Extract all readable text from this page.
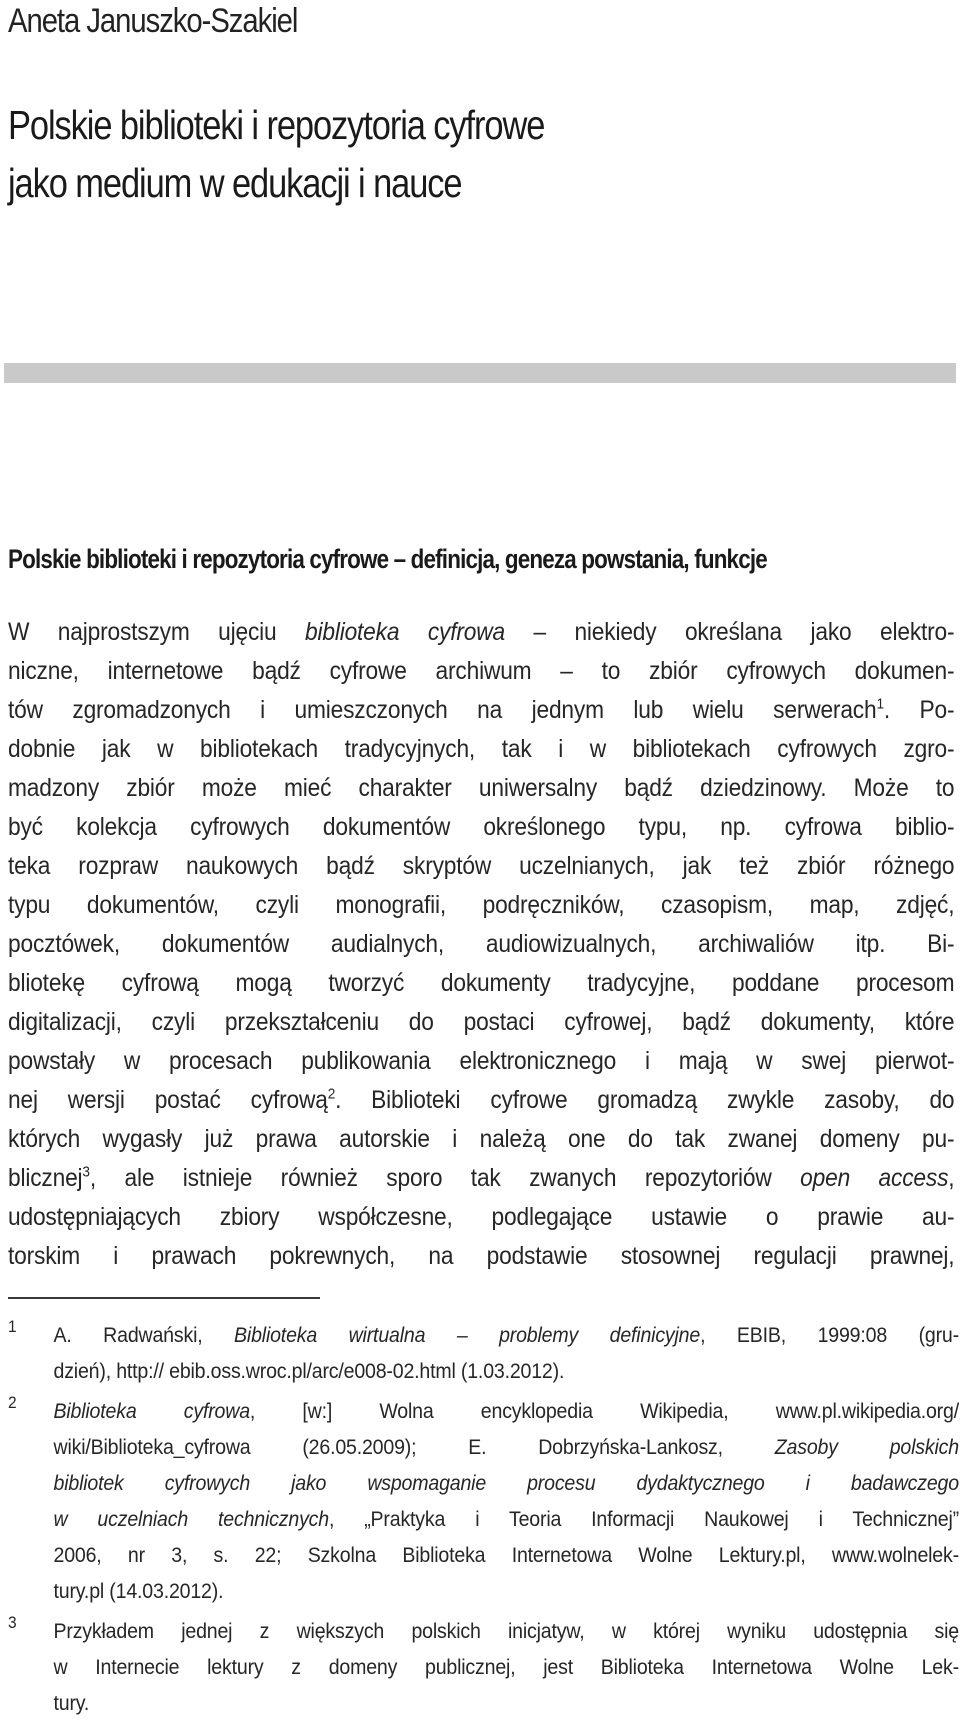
Aneta Januszko-Szakiel
Polskie biblioteki i repozytoria cyfrowe
jako medium w edukacji i nauce
Polskie biblioteki i repozytoria cyfrowe – definicja, geneza powstania, funkcje
W najprostszym ujęciu biblioteka cyfrowa – niekiedy określana jako elektro-
niczne, internetowe bądź cyfrowe archiwum – to zbiór cyfrowych dokumen-
tów zgromadzonych i umieszczonych na jednym lub wielu serwerach$^1$. Po-
dobnie jak w bibliotekach tradycyjnych, tak i w bibliotekach cyfrowych zgro-
madzony zbiór może mieć charakter uniwersalny bądź dziedzinowy. Może to
być kolekcja cyfrowych dokumentów określonego typu, np. cyfrowa biblio-
teka rozpraw naukowych bądź skryptów uczelnianych, jak też zbiór różnego
typu dokumentów, czyli monografii, podręczników, czasopism, map, zdjęć,
pocztówek, dokumentów audialnych, audiowizualnych, archiwaliów itp. Bi-
bliotekę cyfrową mogą tworzyć dokumenty tradycyjne, poddane procesom
digitalizacji, czyli przekształceniu do postaci cyfrowej, bądź dokumenty, które
powstały w procesach publikowania elektronicznego i mają w swej pierwot-
nej wersji postać cyfrową$^2$. Biblioteki cyfrowe gromadzą zwykle zasoby, do
których wygasły już prawa autorskie i należą one do tak zwanej domeny pu-
blicznej$^3$, ale istnieje również sporo tak zwanych repozytoriów open access,
udostępniających zbiory współczesne, podlegające ustawie o prawie au-
torskim i prawach pokrewnych, na podstawie stosownej regulacji prawnej,
1 A. Radwański, Biblioteka wirtualna – problemy definicyjne, EBIB, 1999:08 (gru-
dzień), http:// ebib.oss.wroc.pl/arc/e008-02.html (1.03.2012).
2 Biblioteka cyfrowa, [w:] Wolna encyklopedia Wikipedia, www.pl.wikipedia.org/
wiki/Biblioteka_cyfrowa (26.05.2009); E. Dobrzyńska-Lankosz, Zasoby polskich
bibliotek cyfrowych jako wspomaganie procesu dydaktycznego i badawczego
w uczelniach technicznych, „Praktyka i Teoria Informacji Naukowej i Technicznej”
2006, nr 3, s. 22; Szkolna Biblioteka Internetowa Wolne Lektury.pl, www.wolnelek-
tury.pl (14.03.2012).
3 Przykładem jednej z większych polskich inicjatyw, w której wyniku udostępnia się
w Internecie lektury z domeny publicznej, jest Biblioteka Internetowa Wolne Lek-
tury.
